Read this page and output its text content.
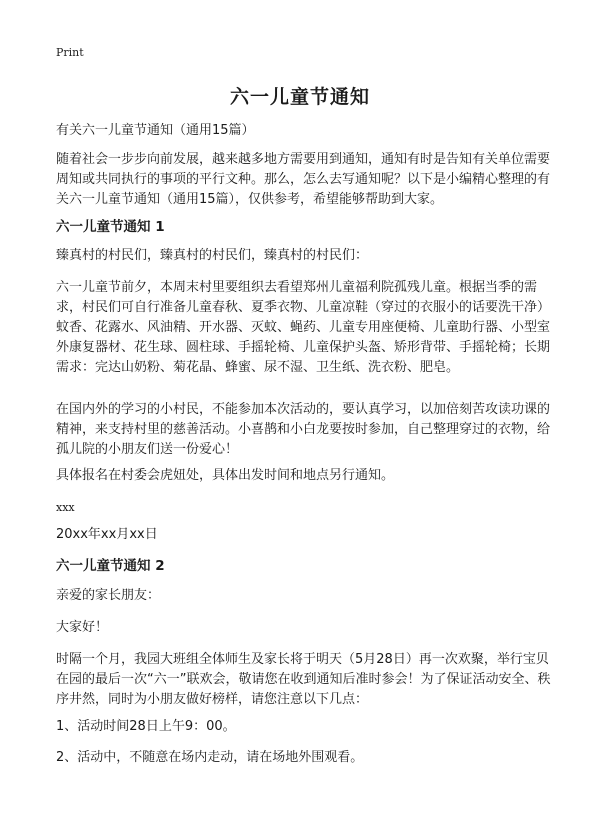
Print
六一儿童节通知
有关六一儿童节通知（通用15篇）
随着社会一步步向前发展，越来越多地方需要用到通知，通知有时是告知有关单位需要周知或共同执行的事项的平行文种。那么，怎么去写通知呢？以下是小编精心整理的有关六一儿童节通知（通用15篇），仅供参考，希望能够帮助到大家。
六一儿童节通知 1
臻真村的村民们，臻真村的村民们，臻真村的村民们：
六一儿童节前夕，本周末村里要组织去看望郑州儿童福利院孤残儿童。根据当季的需求，村民们可自行准备儿童春秋、夏季衣物、儿童凉鞋（穿过的衣服小的话要洗干净）蚊香、花露水、风油精、开水器、灭蚊、蝇药、儿童专用座便椅、儿童助行器、小型室外康复器材、花生球、圆柱球、手摇轮椅、儿童保护头盔、矫形背带、手摇轮椅；长期需求：完达山奶粉、菊花晶、蜂蜜、尿不湿、卫生纸、洗衣粉、肥皂。
在国内外的学习的小村民，不能参加本次活动的，要认真学习，以加倍刻苦攻读功课的精神，来支持村里的慈善活动。小喜鹊和小白龙要按时参加，自己整理穿过的衣物，给孤儿院的小朋友们送一份爱心！
具体报名在村委会虎妞处，具体出发时间和地点另行通知。
xxx
20xx年xx月xx日
六一儿童节通知 2
亲爱的家长朋友：
大家好！
时隔一个月，我园大班组全体师生及家长将于明天（5月28日）再一次欢聚，举行宝贝在园的最后一次“六一”联欢会，敬请您在收到通知后准时参会！为了保证活动安全、秩序井然，同时为小朋友做好榜样，请您注意以下几点：
1、活动时间28日上午9：00。
2、活动中，不随意在场内走动，请在场地外围观看。
